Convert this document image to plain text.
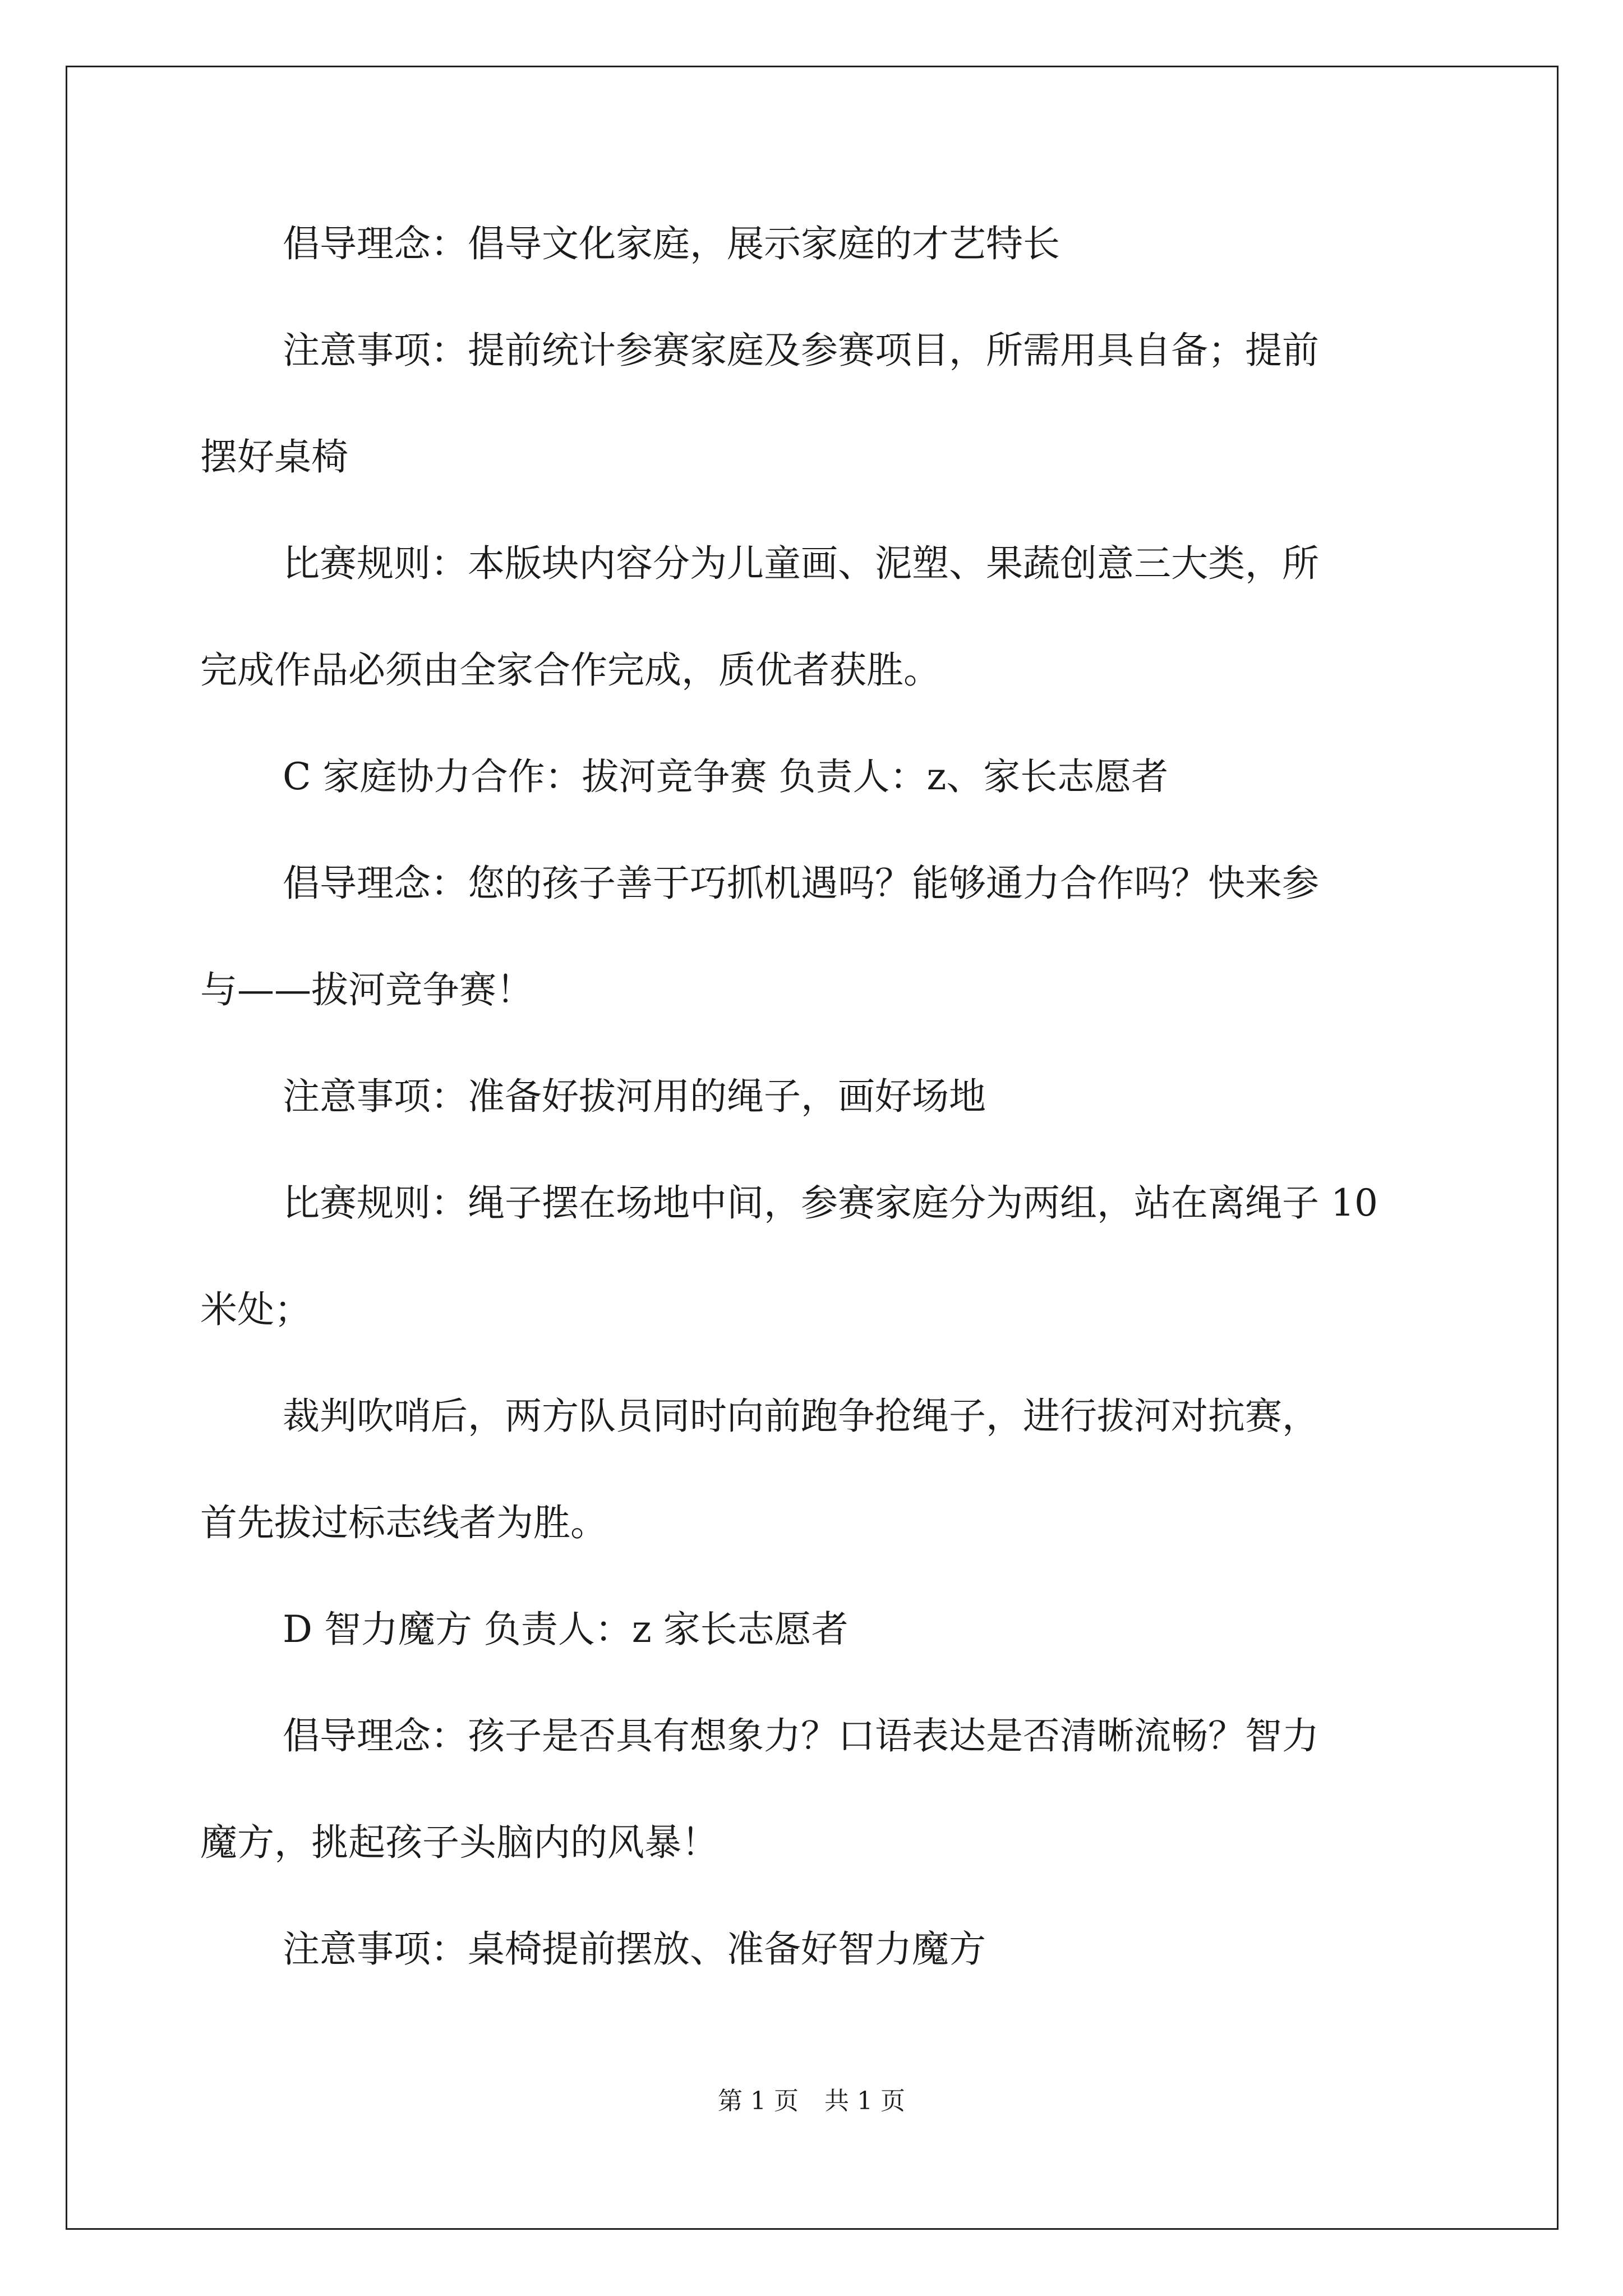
倡导理念：倡导文化家庭，展示家庭的才艺特长

注意事项：提前统计参赛家庭及参赛项目，所需用具自备；提前

摆好桌椅

比赛规则：本版块内容分为儿童画、泥塑、果蔬创意三大类，所

完成作品必须由全家合作完成，质优者获胜。

C 家庭协力合作：拔河竞争赛 负责人：z、家长志愿者

倡导理念：您的孩子善于巧抓机遇吗？能够通力合作吗？快来参

与——拔河竞争赛！

注意事项：准备好拔河用的绳子，画好场地

比赛规则：绳子摆在场地中间，参赛家庭分为两组，站在离绳子 10

米处；

裁判吹哨后，两方队员同时向前跑争抢绳子，进行拔河对抗赛，

首先拔过标志线者为胜。

D 智力魔方 负责人：z 家长志愿者

倡导理念：孩子是否具有想象力？口语表达是否清晰流畅？智力

魔方，挑起孩子头脑内的风暴！

注意事项：桌椅提前摆放、准备好智力魔方

第 1 页 共 1 页
